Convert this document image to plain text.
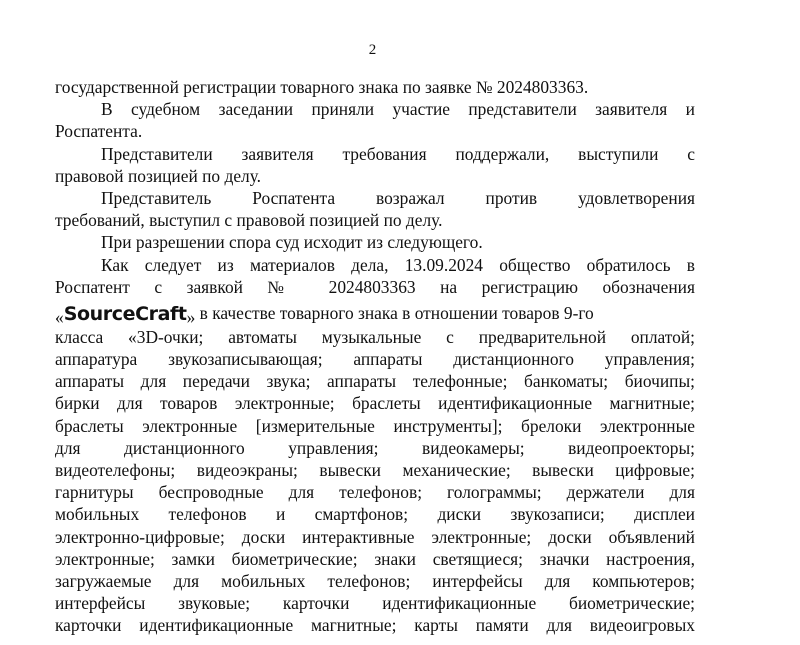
2
государственной регистрации товарного знака по заявке № 2024803363.
В судебном заседании приняли участие представители заявителя и
Роспатента.
Представители заявителя требования поддержали, выступили с
правовой позицией по делу.
Представитель Роспатента возражал против удовлетворения
требований, выступил с правовой позицией по делу.
При разрешении спора суд исходит из следующего.
Как следует из материалов дела, 13.09.2024 общество обратилось в
Роспатент с заявкой № 2024803363 на регистрацию обозначения
«SourceCraft» в качестве товарного знака в отношении товаров 9-го
класса «3D-очки; автоматы музыкальные с предварительной оплатой;
аппаратура звукозаписывающая; аппараты дистанционного управления;
аппараты для передачи звука; аппараты телефонные; банкоматы; биочипы;
бирки для товаров электронные; браслеты идентификационные магнитные;
браслеты электронные [измерительные инструменты]; брелоки электронные
для дистанционного управления; видеокамеры; видеопроекторы;
видеотелефоны; видеоэкраны; вывески механические; вывески цифровые;
гарнитуры беспроводные для телефонов; голограммы; держатели для
мобильных телефонов и смартфонов; диски звукозаписи; дисплеи
электронно-цифровые; доски интерактивные электронные; доски объявлений
электронные; замки биометрические; знаки светящиеся; значки настроения,
загружаемые для мобильных телефонов; интерфейсы для компьютеров;
интерфейсы звуковые; карточки идентификационные биометрические;
карточки идентификационные магнитные; карты памяти для видеоигровых
